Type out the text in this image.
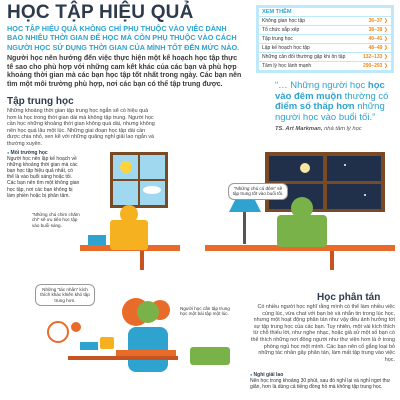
HỌC TẬP HIỆU QUẢ
HỌC TẬP HIỆU QUẢ KHÔNG CHỈ PHỤ THUỘC VÀO VIỆC DÀNH BAO NHIÊU THỜI GIAN ĐỂ HỌC MÀ CÒN PHỤ THUỘC VÀO CÁCH NGƯỜI HỌC SỬ DỤNG THỜI GIAN CỦA MÌNH TỐT ĐẾN MỨC NÀO.
Người học nên hướng đến việc thực hiện một kế hoạch học tập thực tế sao cho phù hợp với những cam kết khác của các bạn và phù hợp khoảng thời gian mà các bạn học tập tốt nhất trong ngày. Các bạn nên tìm một môi trường phù hợp, nơi các bạn có thể tập trung được.
XEM THÊM
Không gian học tập	36–37 ❯
Tổ chức sắp xếp	38–39 ❯
Tập trung học	40–41 ❯
Lập kế hoạch học tập	48–49 ❯
Những cân đối thường gặp khi ôn tập	132–133 ❯
Tâm lý học lành mạnh	290–293 ❯
“… Những người học học vào đêm muộn thường có điểm số thấp hơn những người học vào buổi tối.”
TS. Art Markman, nhà tâm lý học
Tập trung học
Những khoảng thời gian tập trung học ngắn sẽ có hiệu quả hơn là học trong thời gian dài mà không tập trung. Người học cần học những khoảng thời gian không quá dài, nhưng không nên học quá lâu một lúc. Những giai đoạn học tập dài cần được chia nhỏ, xen kẽ với những quãng nghỉ giải lao ngắn và thường xuyên.
● Mối trường học
Người học nên lập kế hoạch về những khoảng thời gian mà các bạn học tập hiệu quả nhất, có thể là vào buổi sáng hoặc tối. Các bạn nên tìm một không gian học tập, nơi các bạn không bị làm phiền hoặc bị phân tâm.
“Những chú chim chăm chỉ” sẽ ưu tiên học tập vào buổi sáng.
“Những chú cú đêm” sẽ tập trung tốt vào buổi tối.
Những “tác nhân” kích thích khác khiến khó tập trung hơn.
Người học cần tập trung học một bài tập một lúc.
Học phân tán
Có nhiều người học nghĩ rằng mình có thể làm nhiều việc cùng lúc, vừa chat với bạn bè và nhắn tin trong lúc học, nhưng một hoạt động phân tán như vậy đều ảnh hưởng tới sự tập trung học của các bạn. Tuy nhiên, một vài kích thích từ chỗ thiếu lời, như nghe nhạc, hoặc giả sử một số bạn có thể thích những nơi đông người như thư viện hơn là ở trong phòng ngủ học một mình. Các bạn nên cố gắng loại bỏ những tác nhân gây phân tán, làm mất tập trung vào việc học.
● Nghỉ giải lao
Nên học trong khoảng 30 phút, sau đó nghỉ lại và nghỉ ngơi thư giãn, hơn là dùng cả tiếng đồng hồ mà không tập trung học.
